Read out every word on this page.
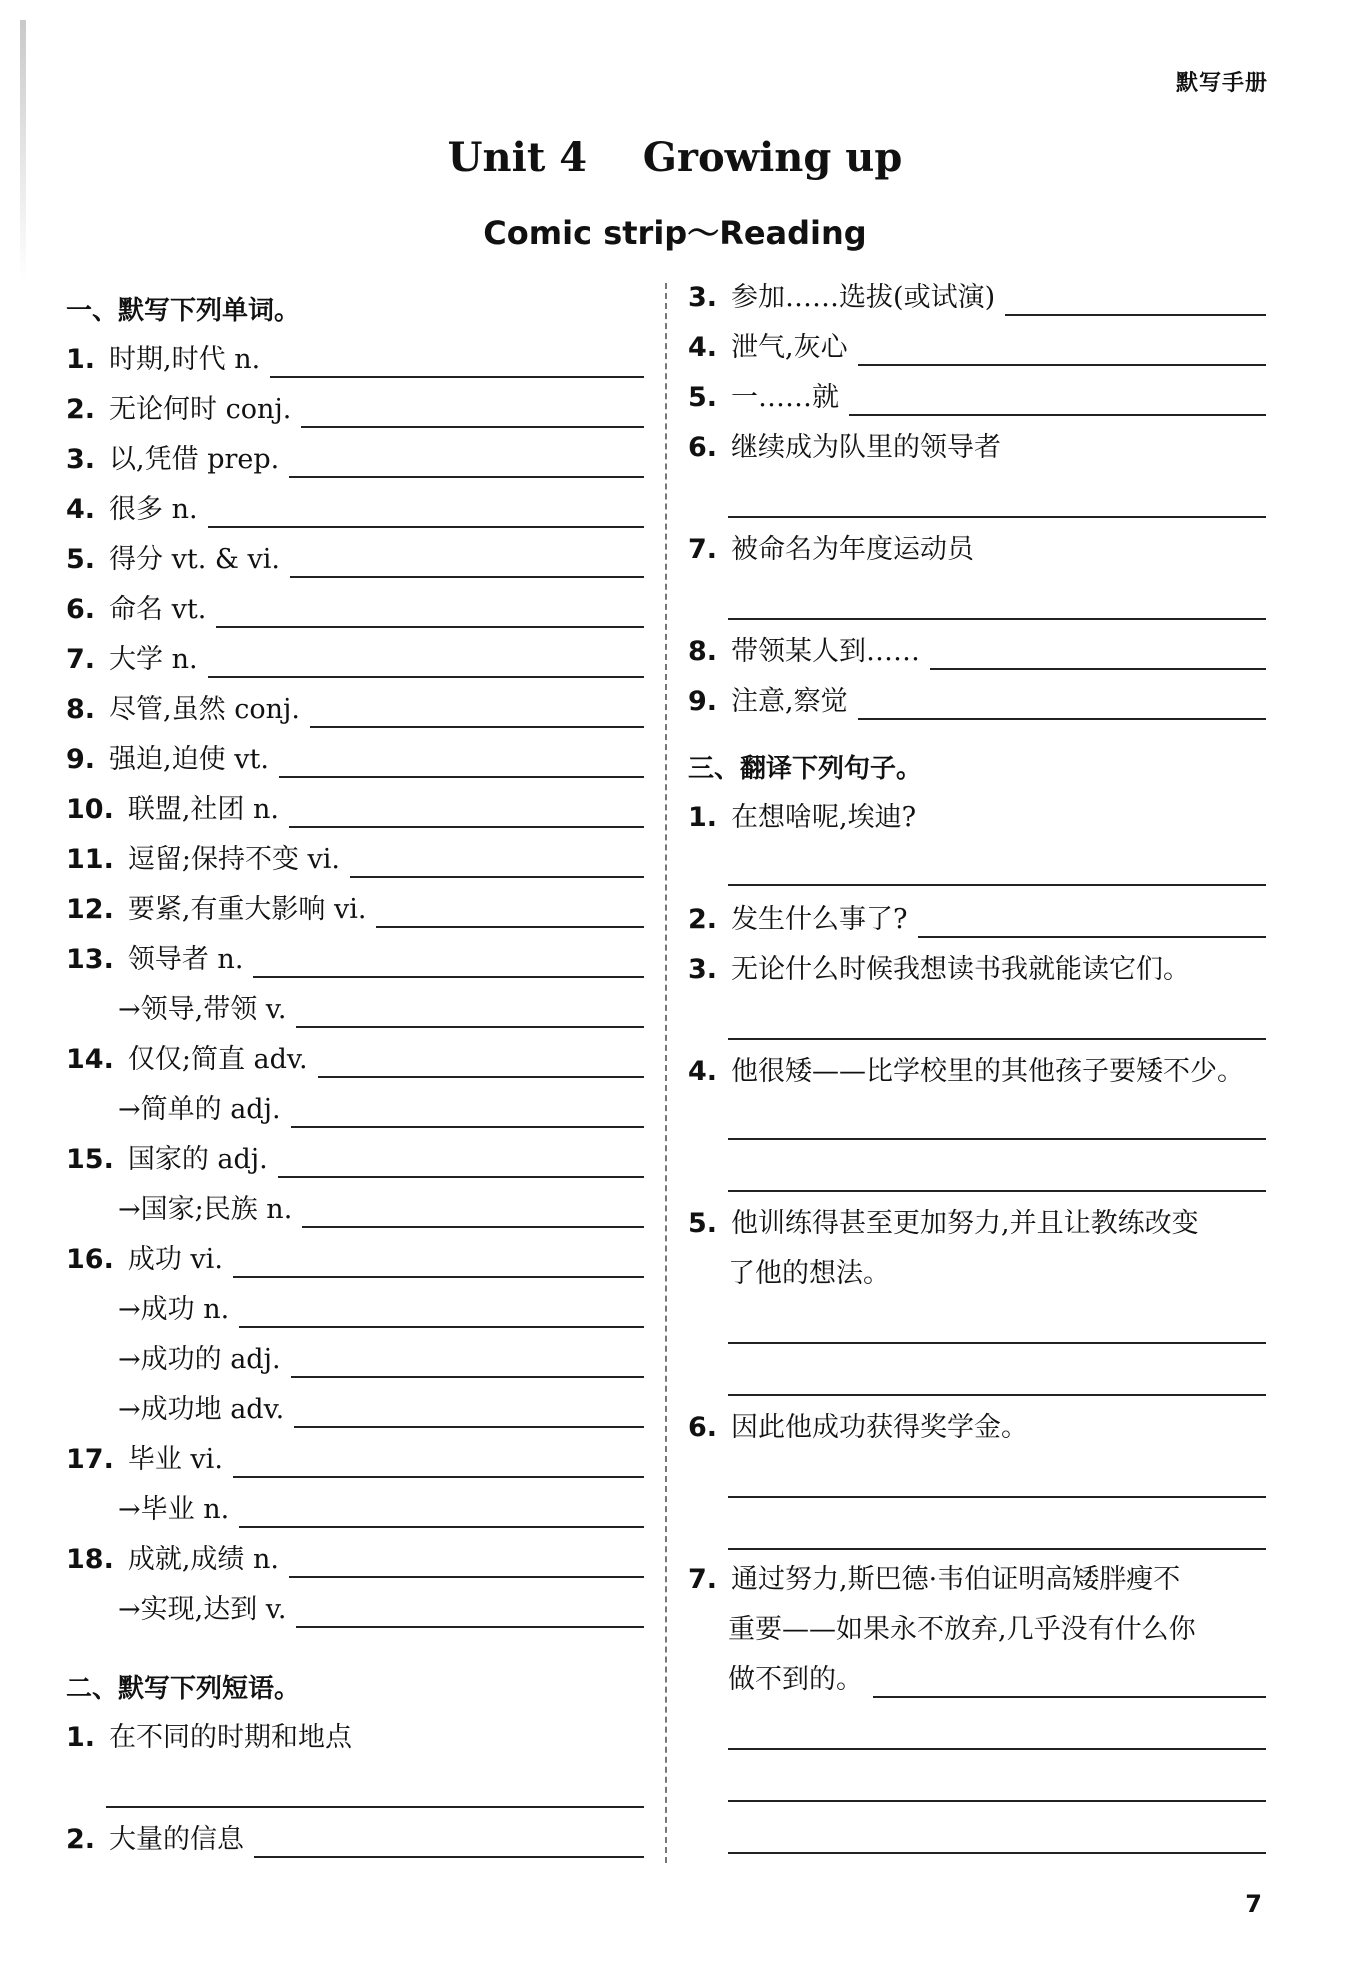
默写手册
Unit 4    Growing up
Comic strip～Reading
一、默写下列单词。
1. 时期,时代 n.
2. 无论何时 conj.
3. 以,凭借 prep.
4. 很多 n.
5. 得分 vt. & vi.
6. 命名 vt.
7. 大学 n.
8. 尽管,虽然 conj.
9. 强迫,迫使 vt.
10. 联盟,社团 n.
11. 逗留;保持不变 vi.
12. 要紧,有重大影响 vi.
13. 领导者 n.
→领导,带领 v.
14. 仅仅;简直 adv.
→简单的 adj.
15. 国家的 adj.
→国家;民族 n.
16. 成功 vi.
→成功 n.
→成功的 adj.
→成功地 adv.
17. 毕业 vi.
→毕业 n.
18. 成就,成绩 n.
→实现,达到 v.
二、默写下列短语。
1. 在不同的时期和地点
2. 大量的信息
3. 参加……选拔(或试演)
4. 泄气,灰心
5. 一……就
6. 继续成为队里的领导者
7. 被命名为年度运动员
8. 带领某人到……
9. 注意,察觉
三、翻译下列句子。
1. 在想啥呢,埃迪?
2. 发生什么事了?
3. 无论什么时候我想读书我就能读它们。
4. 他很矮——比学校里的其他孩子要矮不少。
5. 他训练得甚至更加努力,并且让教练改变
了他的想法。
6. 因此他成功获得奖学金。
7. 通过努力,斯巴德·韦伯证明高矮胖瘦不
重要——如果永不放弃,几乎没有什么你
做不到的。
7
